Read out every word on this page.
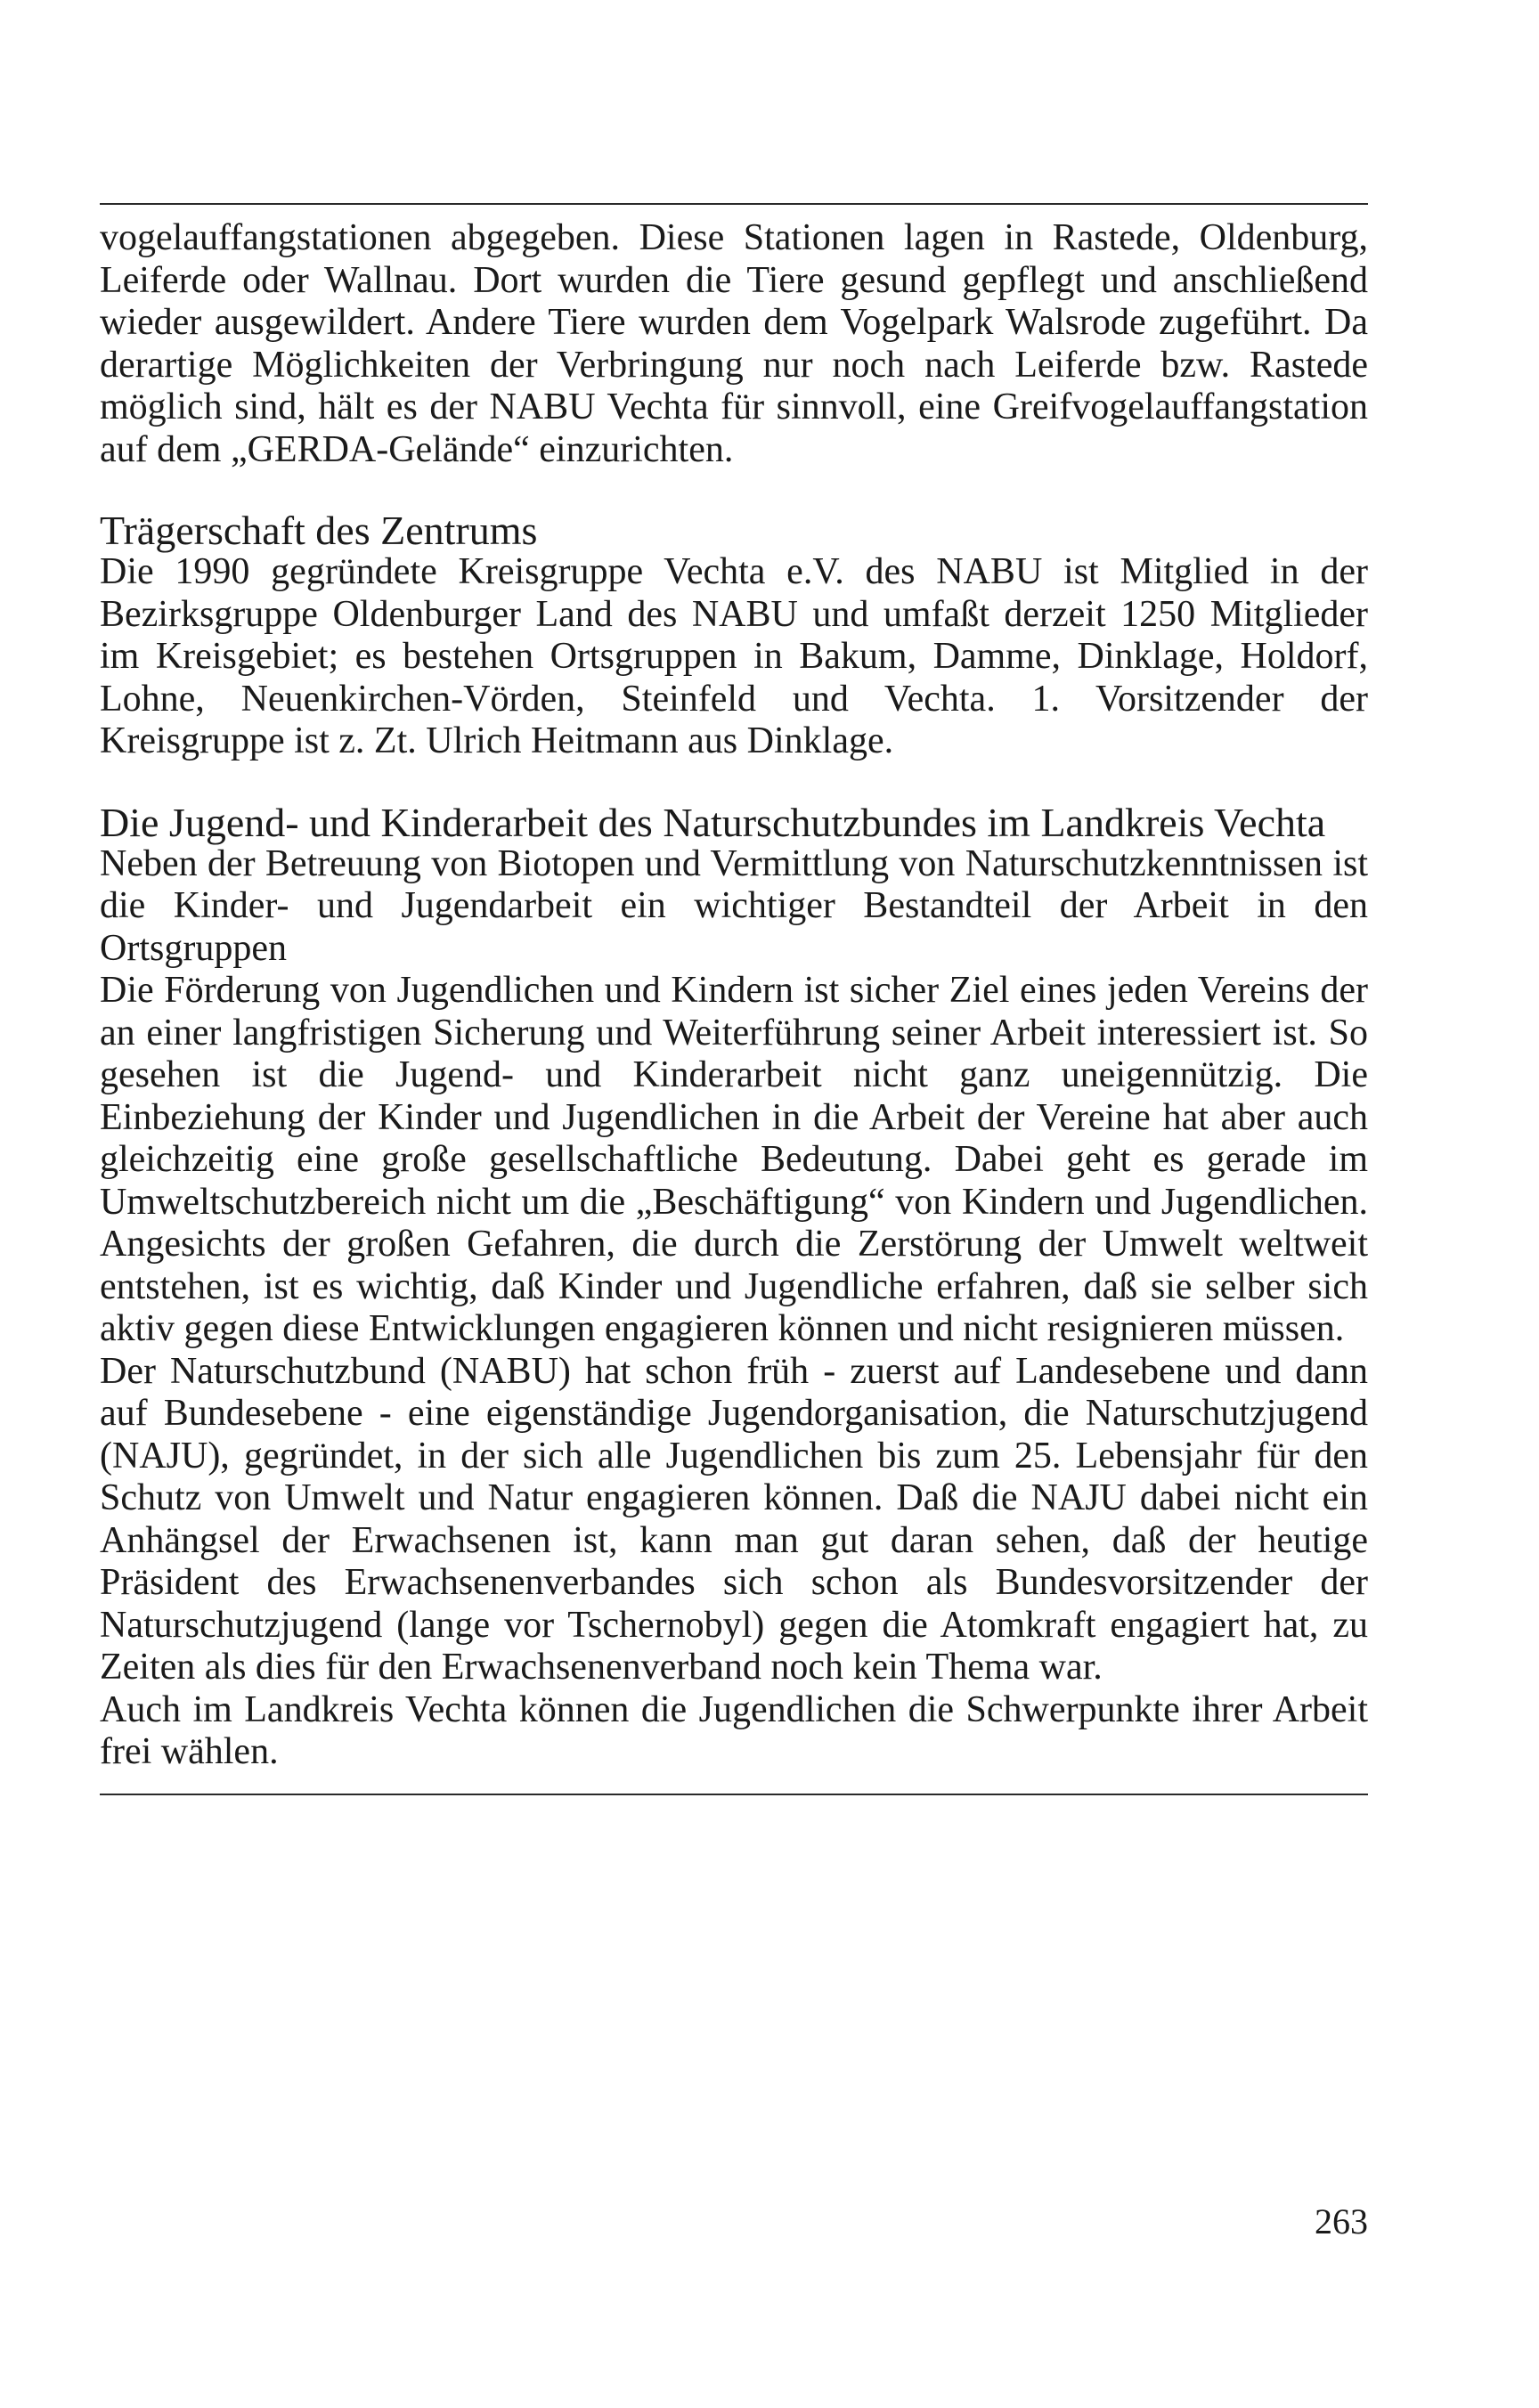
vogelauffangstationen abgegeben. Diese Stationen lagen in Rastede, Oldenburg, Leiferde oder Wallnau. Dort wurden die Tiere gesund gepflegt und anschließend wieder ausgewildert. Andere Tiere wurden dem Vogelpark Walsrode zugeführt. Da derartige Möglichkeiten der Verbringung nur noch nach Leiferde bzw. Rastede möglich sind, hält es der NABU Vechta für sinnvoll, eine Greifvogelauffangstation auf dem „GERDA-Gelände“ einzurichten.

Trägerschaft des Zentrums

Die 1990 gegründete Kreisgruppe Vechta e.V. des NABU ist Mitglied in der Bezirksgruppe Oldenburger Land des NABU und umfaßt derzeit 1250 Mitglieder im Kreisgebiet; es bestehen Ortsgruppen in Bakum, Damme, Dinklage, Holdorf, Lohne, Neuenkirchen-Vörden, Steinfeld und Vechta. 1. Vorsitzender der Kreisgruppe ist z. Zt. Ulrich Heitmann aus Dinklage.

Die Jugend- und Kinderarbeit des Naturschutzbundes im Landkreis Vechta

Neben der Betreuung von Biotopen und Vermittlung von Naturschutzkenntnissen ist die Kinder- und Jugendarbeit ein wichtiger Bestandteil der Arbeit in den Ortsgruppen

Die Förderung von Jugendlichen und Kindern ist sicher Ziel eines jeden Vereins der an einer langfristigen Sicherung und Weiterführung seiner Arbeit interessiert ist. So gesehen ist die Jugend- und Kinderarbeit nicht ganz uneigennützig. Die Einbeziehung der Kinder und Jugendlichen in die Arbeit der Vereine hat aber auch gleichzeitig eine große gesellschaftliche Bedeutung. Dabei geht es gerade im Umweltschutzbereich nicht um die „Beschäftigung“ von Kindern und Jugendlichen. Angesichts der großen Gefahren, die durch die Zerstörung der Umwelt weltweit entstehen, ist es wichtig, daß Kinder und Jugendliche erfahren, daß sie selber sich aktiv gegen diese Entwicklungen engagieren können und nicht resignieren müssen.

Der Naturschutzbund (NABU) hat schon früh - zuerst auf Landesebene und dann auf Bundesebene - eine eigenständige Jugendorganisation, die Naturschutzjugend (NAJU), gegründet, in der sich alle Jugendlichen bis zum 25. Lebensjahr für den Schutz von Umwelt und Natur engagieren können. Daß die NAJU dabei nicht ein Anhängsel der Erwachsenen ist, kann man gut daran sehen, daß der heutige Präsident des Erwachsenenverbandes sich schon als Bundesvorsitzender der Naturschutzjugend (lange vor Tschernobyl) gegen die Atomkraft engagiert hat, zu Zeiten als dies für den Erwachsenenverband noch kein Thema war.

Auch im Landkreis Vechta können die Jugendlichen die Schwerpunkte ihrer Arbeit frei wählen.

263
